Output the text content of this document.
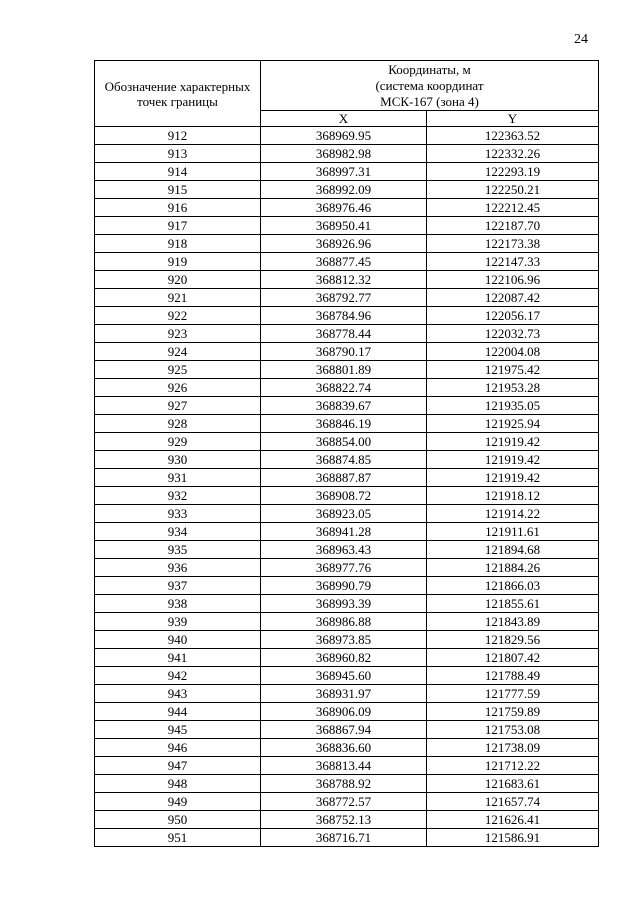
24
Обозначение характерных точек границы	Координаты, м
(система координат
МСК-167 (зона 4)	

	X	Y
912	368969.95	122363.52
913	368982.98	122332.26
914	368997.31	122293.19
915	368992.09	122250.21
916	368976.46	122212.45
917	368950.41	122187.70
918	368926.96	122173.38
919	368877.45	122147.33
920	368812.32	122106.96
921	368792.77	122087.42
922	368784.96	122056.17
923	368778.44	122032.73
924	368790.17	122004.08
925	368801.89	121975.42
926	368822.74	121953.28
927	368839.67	121935.05
928	368846.19	121925.94
929	368854.00	121919.42
930	368874.85	121919.42
931	368887.87	121919.42
932	368908.72	121918.12
933	368923.05	121914.22
934	368941.28	121911.61
935	368963.43	121894.68
936	368977.76	121884.26
937	368990.79	121866.03
938	368993.39	121855.61
939	368986.88	121843.89
940	368973.85	121829.56
941	368960.82	121807.42
942	368945.60	121788.49
943	368931.97	121777.59
944	368906.09	121759.89
945	368867.94	121753.08
946	368836.60	121738.09
947	368813.44	121712.22
948	368788.92	121683.61
949	368772.57	121657.74
950	368752.13	121626.41
951	368716.71	121586.91
